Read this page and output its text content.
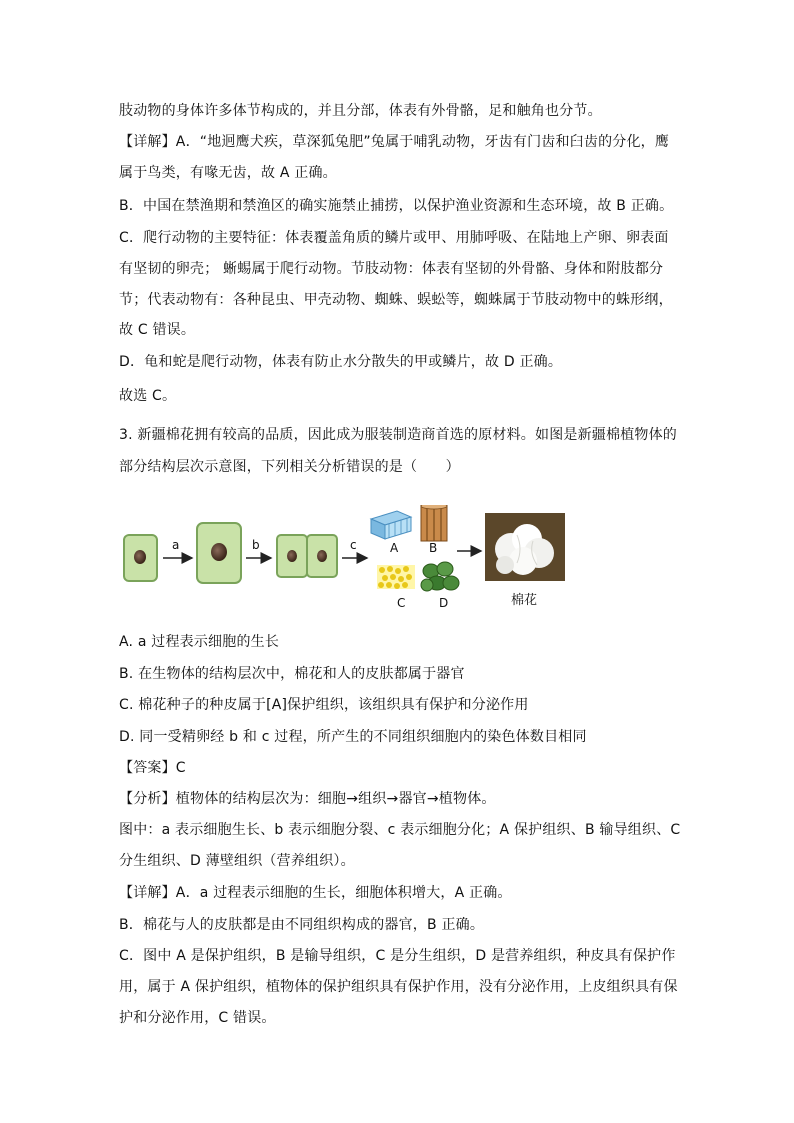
肢动物的身体许多体节构成的，并且分部，体表有外骨骼，足和触角也分节。
【详解】A．“地迥鹰犬疾，草深狐兔肥”兔属于哺乳动物，牙齿有门齿和臼齿的分化，鹰
属于鸟类，有喙无齿，故 A 正确。
B．中国在禁渔期和禁渔区的确实施禁止捕捞，以保护渔业资源和生态环境，故 B 正确。
C．爬行动物的主要特征：体表覆盖角质的鳞片或甲、用肺呼吸、在陆地上产卵、卵表面
有坚韧的卵壳； 蜥蜴属于爬行动物。节肢动物：体表有坚韧的外骨骼、身体和附肢都分
节；代表动物有：各种昆虫、甲壳动物、蜘蛛、蜈蚣等，蜘蛛属于节肢动物中的蛛形纲，
故 C 错误。
D．龟和蛇是爬行动物，体表有防止水分散失的甲或鳞片，故 D 正确。
故选 C。
3. 新疆棉花拥有较高的品质，因此成为服装制造商首选的原材料。如图是新疆棉植物体的
部分结构层次示意图，下列相关分析错误的是（　　）
a	b	c	A	B
C	D	棉花
A. a 过程表示细胞的生长
B. 在生物体的结构层次中，棉花和人的皮肤都属于器官
C. 棉花种子的种皮属于[A]保护组织，该组织具有保护和分泌作用
D. 同一受精卵经 b 和 c 过程，所产生的不同组织细胞内的染色体数目相同
【答案】C
【分析】植物体的结构层次为：细胞→组织→器官→植物体。
图中：a 表示细胞生长、b 表示细胞分裂、c 表示细胞分化；A 保护组织、B 输导组织、C
分生组织、D 薄壁组织（营养组织）。
【详解】A．a 过程表示细胞的生长，细胞体积增大，A 正确。
B．棉花与人的皮肤都是由不同组织构成的器官，B 正确。
C．图中 A 是保护组织，B 是输导组织，C 是分生组织，D 是营养组织，种皮具有保护作
用，属于 A 保护组织，植物体的保护组织具有保护作用，没有分泌作用，上皮组织具有保
护和分泌作用，C 错误。
